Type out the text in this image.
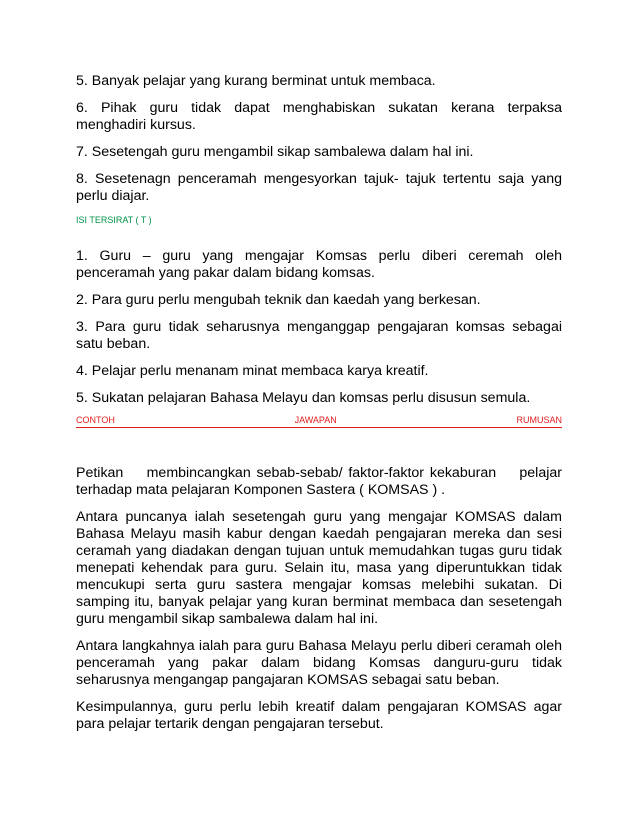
5. Banyak pelajar yang kurang berminat untuk membaca.

6. Pihak guru tidak dapat menghabiskan sukatan kerana terpaksa menghadiri kursus.

7. Sesetengah guru mengambil sikap sambalewa dalam hal ini.

8. Sesetenagn penceramah mengesyorkan tajuk- tajuk tertentu saja yang perlu diajar.

ISI TERSIRAT ( T )

1. Guru – guru yang mengajar Komsas perlu diberi ceremah oleh penceramah yang pakar dalam bidang komsas.

2. Para guru perlu mengubah teknik dan kaedah yang berkesan.

3. Para guru tidak seharusnya menganggap pengajaran komsas sebagai satu beban.

4. Pelajar perlu menanam minat membaca karya kreatif.

5. Sukatan pelajaran Bahasa Melayu dan komsas perlu disusun semula.

CONTOH	JAWAPAN	RUMUSAN

Petikan    membincangkan sebab-sebab/ faktor-faktor kekaburan    pelajar terhadap mata pelajaran Komponen Sastera ( KOMSAS ) .

Antara puncanya ialah sesetengah guru yang mengajar KOMSAS dalam Bahasa Melayu masih kabur dengan kaedah pengajaran mereka dan sesi ceramah yang diadakan dengan tujuan untuk memudahkan tugas guru tidak menepati kehendak para guru. Selain itu, masa yang diperuntukkan tidak mencukupi serta guru sastera mengajar komsas melebihi sukatan. Di samping itu, banyak pelajar yang kuran berminat membaca dan sesetengah guru mengambil sikap sambalewa dalam hal ini.

Antara langkahnya ialah para guru Bahasa Melayu perlu diberi ceramah oleh penceramah yang pakar dalam bidang Komsas danguru-guru tidak seharusnya mengangap pangajaran KOMSAS sebagai satu beban.

Kesimpulannya, guru perlu lebih kreatif dalam pengajaran KOMSAS agar para pelajar tertarik dengan pengajaran tersebut.
